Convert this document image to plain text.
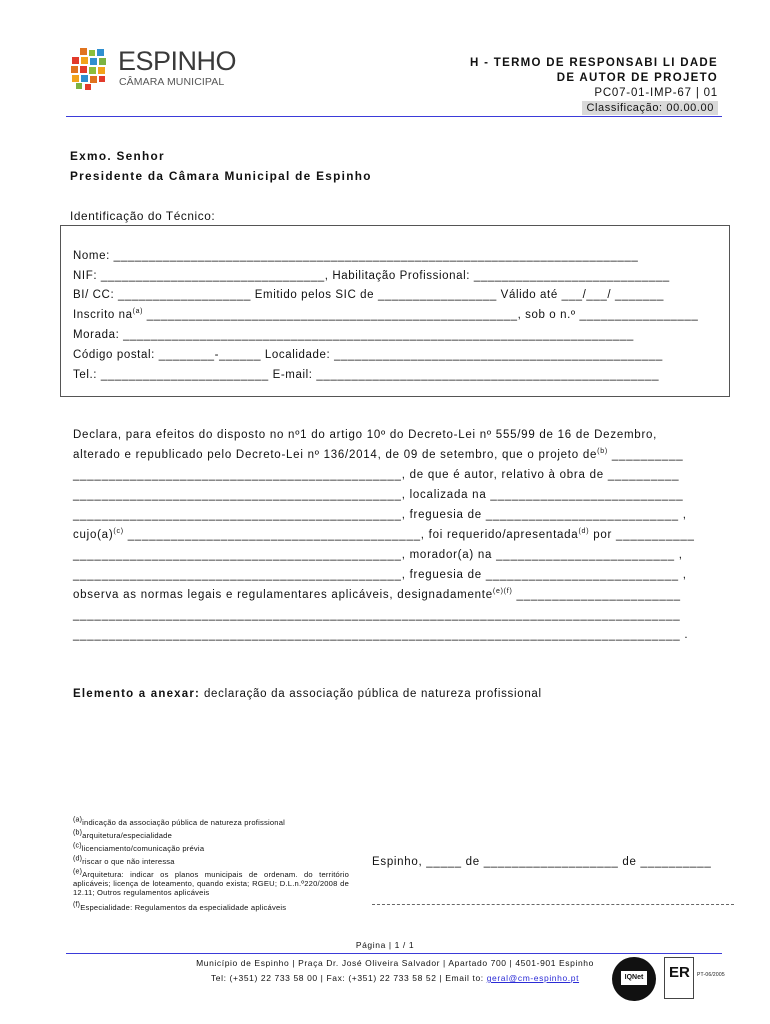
ESPINHO
CÂMARA MUNICIPAL
H - TERMO DE RESPONSABI LI DADE
DE AUTOR DE PROJETO
PC07-01-IMP-67 | 01
Classificação: 00.00.00
Exmo. Senhor
Presidente da Câmara Municipal de Espinho
Identificação do Técnico:
Nome: ___________________________________________________________________________
NIF: ________________________________, Habilitação Profissional: ____________________________
BI/ CC: ___________________ Emitido pelos SIC de _________________ Válido até ___/___/ _______
Inscrito $na^{(a)}$ _____________________________________________________, sob o n.º _________________
Morada: _________________________________________________________________________
Código postal: ________-______ Localidade: _______________________________________________
Tel.: ________________________ E-mail: _________________________________________________
Declara, para efeitos do disposto no nº1 do artigo 10º do Decreto-Lei nº 555/99 de 16 de Dezembro,
alterado e republicado pelo Decreto-Lei nº 136/2014, de 09 de setembro, que o projeto $de^{(b)}$ __________
______________________________________________, de que é autor, relativo à obra de __________
______________________________________________, localizada na ___________________________
______________________________________________, freguesia de ___________________________ ,
$cujo(a)^{(c)}$ _________________________________________, foi requerido/apresentada$^{(d)}$ por ___________
______________________________________________, morador(a) na _________________________ ,
______________________________________________, freguesia de ___________________________ ,
observa as normas legais e regulamentares aplicáveis, designadamente$^{(e)(f)}$ _______________________
_____________________________________________________________________________________
_____________________________________________________________________________________ .
Elemento a anexar: declaração da associação pública de natureza profissional
$^{(a)}$indicação da associação pública de natureza profissional
$^{(b)}$arquitetura/especialidade
$^{(c)}$licenciamento/comunicação prévia
$^{(d)}$riscar o que não interessa
$^{(e)}$Arquitetura: indicar os planos municipais de ordenam. do território aplicáveis; licença de loteamento, quando exista; RGEU; D.L.n.º220/2008 de 12.11; Outros regulamentos aplicáveis
$^{(f)}$Especialidade: Regulamentos da especialidade aplicáveis
Espinho, _____ de ___________________ de __________
Página | 1 / 1
Município de Espinho | Praça Dr. José Oliveira Salvador | Apartado 700 | 4501-901 Espinho
Tel: (+351) 22 733 58 00 | Fax: (+351) 22 733 58 52 | Email to: geral@cm-espinho.pt	IQNet ER PT-06/2005
